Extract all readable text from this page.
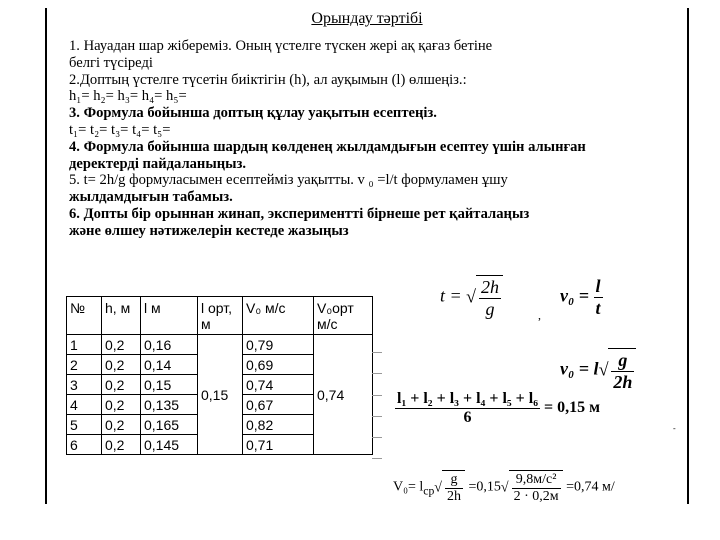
Орындау тәртібі
1. Науадан шар жібереміз. Оның үстелге түскен жері ақ қағаз бетіне
белгі түсіреді
2.Доптың үстелге түсетін биіктігін (h), ал ауқымын (l) өлшеңіз.:
h₁= h₂= h₃= h₄= h₅=
3. Формула бойынша доптың құлау уақытын есептеңіз.
t₁= t₂= t₃= t₄= t₅=
4. Формула бойынша шардың көлденең жылдамдығын есептеу үшін алынған
деректерді пайдаланыңыз.
5. t= 2h/g формуласымен есептейміз уақытты. v ₀ =l/t формуламен ұшу
жылдамдығын табамыз.
6. Допты бір орыннан жинап, экспериментті бірнеше рет қайталаңыз
және өлшеу нәтижелерін кестеде жазыңыз
№	h, м	l м	l орт, м	V₀ м/с	V₀орт м/с
1	0,2	0,16	0,15	0,79	0,74
2	0,2	0,14		0,69	
3	0,2	0,15		0,74	
4	0,2	0,135		0,67	
5	0,2	0,165		0,82	
6	0,2	0,145		0,71	
t = √ $\frac{2h}{g}$	,
$v_0 = \frac{l}{t}$
$v_0 = l√ \frac{g}{2h}$
$\frac{\text{l₁ + l₂ + l₃ + l₄ + l₅ + l₆}}{6} = 0,15$ м
-
$V_0= l_{ср}√ \frac{g}{2h} =0,15√ \frac{\text{9,8м/с²}}{2 \cdot 0,2м} =0,74$ м/
